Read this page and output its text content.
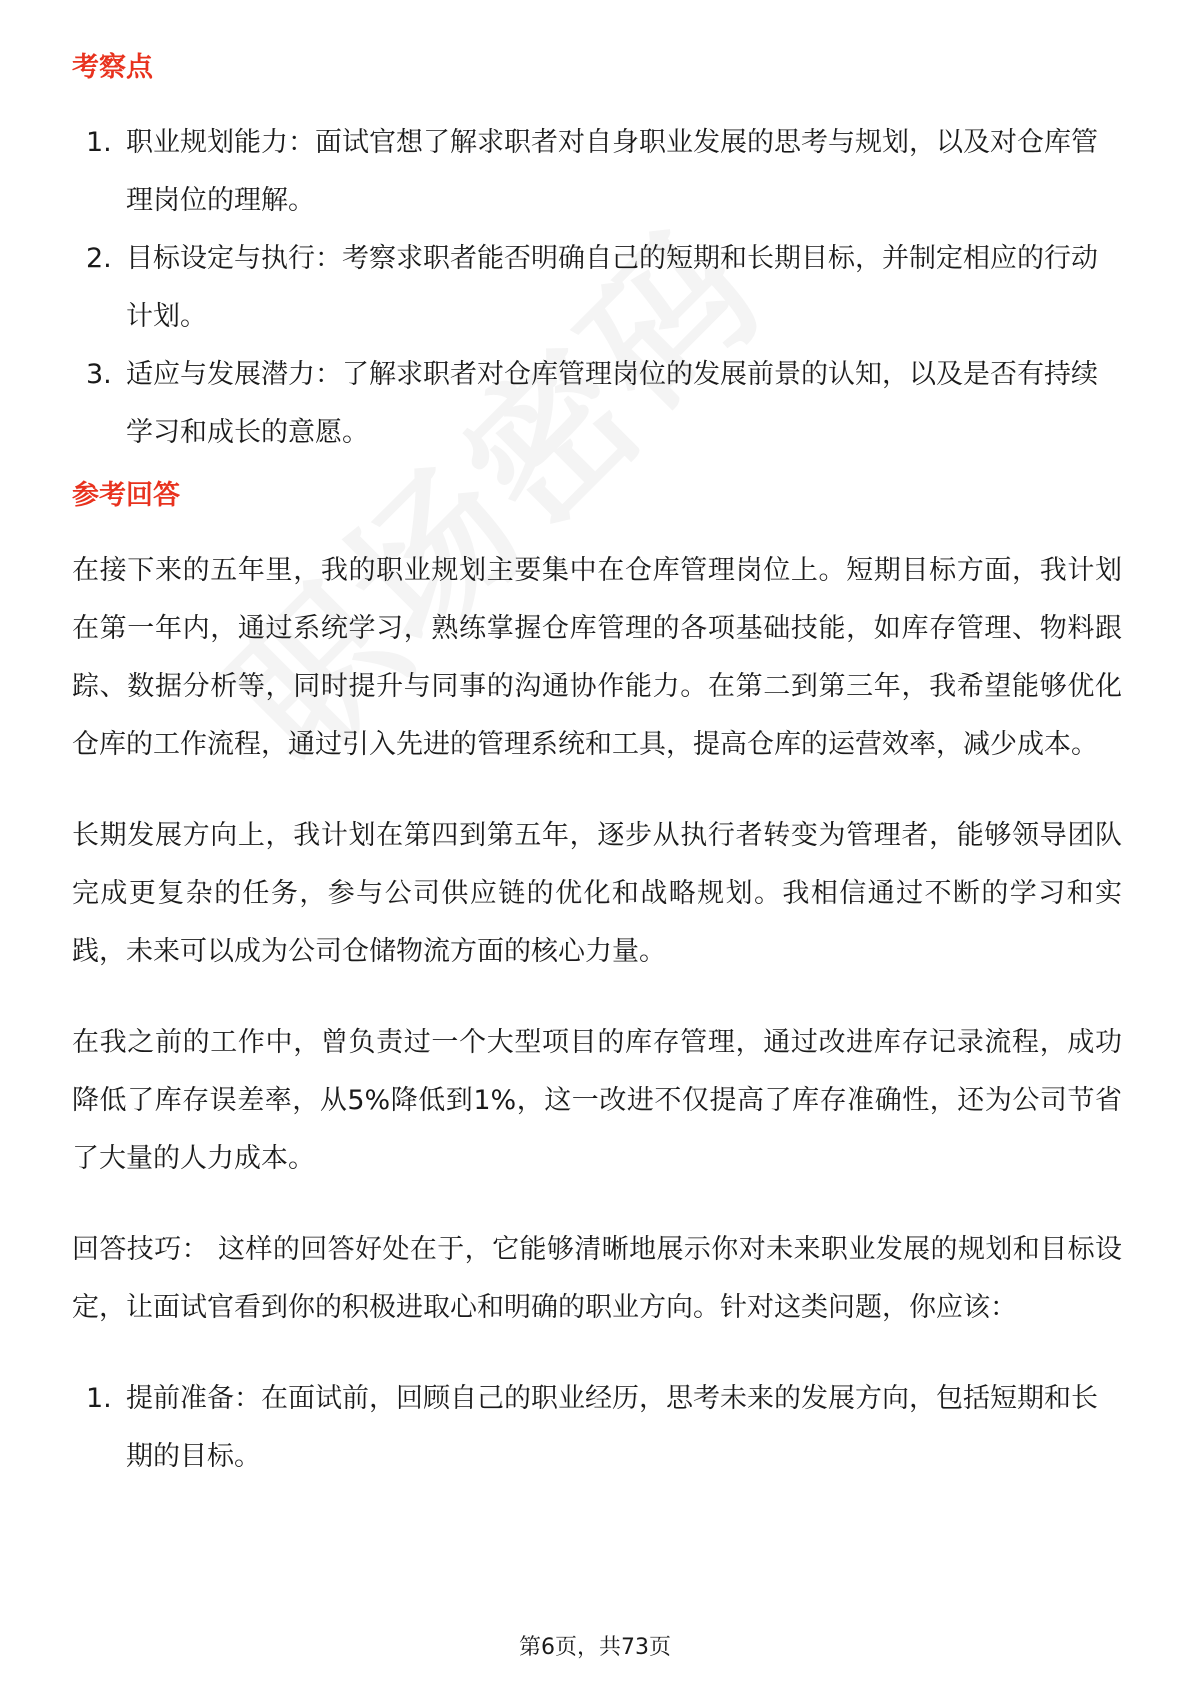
考察点
1. 职业规划能力：面试官想了解求职者对自身职业发展的思考与规划，以及对仓库管理岗位的理解。
2. 目标设定与执行：考察求职者能否明确自己的短期和长期目标，并制定相应的行动计划。
3. 适应与发展潜力：了解求职者对仓库管理岗位的发展前景的认知，以及是否有持续学习和成长的意愿。
参考回答

在接下来的五年里，我的职业规划主要集中在仓库管理岗位上。短期目标方面，我计划在第一年内，通过系统学习，熟练掌握仓库管理的各项基础技能，如库存管理、物料跟踪、数据分析等，同时提升与同事的沟通协作能力。在第二到第三年，我希望能够优化仓库的工作流程，通过引入先进的管理系统和工具，提高仓库的运营效率，减少成本。

长期发展方向上，我计划在第四到第五年，逐步从执行者转变为管理者，能够领导团队完成更复杂的任务，参与公司供应链的优化和战略规划。我相信通过不断的学习和实践，未来可以成为公司仓储物流方面的核心力量。

在我之前的工作中，曾负责过一个大型项目的库存管理，通过改进库存记录流程，成功降低了库存误差率，从5%降低到1%，这一改进不仅提高了库存准确性，还为公司节省了大量的人力成本。

回答技巧： 这样的回答好处在于，它能够清晰地展示你对未来职业发展的规划和目标设定，让面试官看到你的积极进取心和明确的职业方向。针对这类问题，你应该：

1. 提前准备：在面试前，回顾自己的职业经历，思考未来的发展方向，包括短期和长期的目标。
第6页，共73页
